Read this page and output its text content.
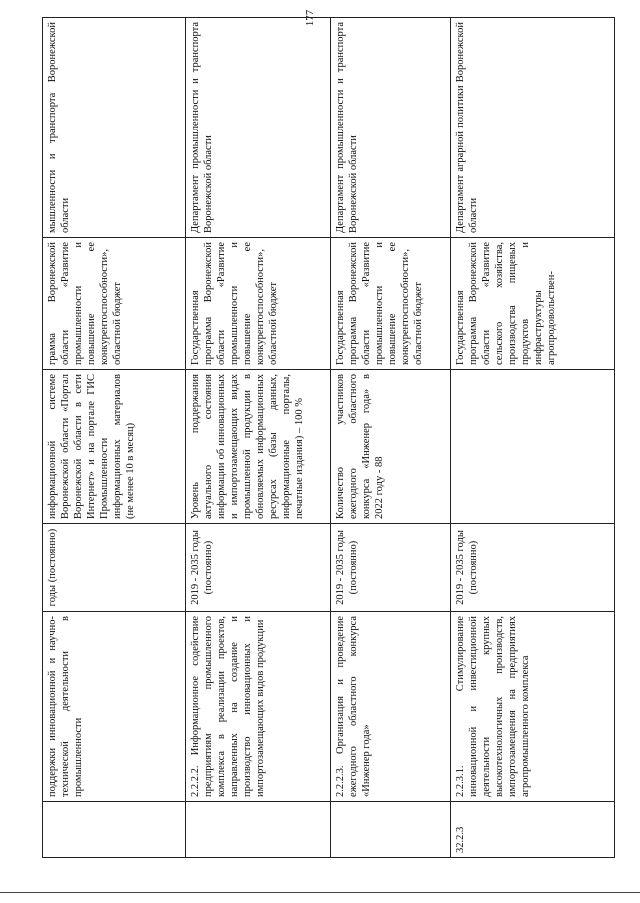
177
	поддержки инновационной и научно-технической деятельности в промышленности	годы (постоянно)	информационной системе Воронежской области «Портал Воронежской области в сети Интернет» и на портале ГИС Промышленности информационных материалов (не менее 10 в месяц)	грамма Воронежской области «Развитие промышленности и повышение ее конкурентоспособности», областной бюджет	мышленности и транспорта Воронежской области
	2.2.2.2. Информационное содействие предприятиям промышленного комплекса в реализации проектов, направленных на создание и производство инновационных и импортозамещающих видов продукции	2019 - 2035 годы (постоянно)	Уровень поддержания актуального состояния информации об инновационных и импортозамещающих видах промышленной продукции в обновляемых информационных ресурсах (базы данных, информационные порталы, печатные издания) – 100 %	Государственная программа Воронежской области «Развитие промышленности и повышение ее конкурентоспособности», областной бюджет	Департамент промышленности и транспорта Воронежской области
	2.2.2.3. Организация и проведение ежегодного областного конкурса «Инженер года»	2019 - 2035 годы (постоянно)	Количество участников ежегодного областного конкурса «Инженер года» в 2022 году - 88	Государственная программа Воронежской области «Развитие промышленности и повышение ее конкурентоспособности», областной бюджет	Департамент промышленности и транспорта Воронежской области
32.2.3	2.2.3.1. Стимулирование инновационной и инвестиционной деятельности крупных высокотехнологичных производств, импортозамещения на предприятиях агропромышленного комплекса	2019 - 2035 годы (постоянно)		Государственная программа Воронежской области «Развитие сельского хозяйства, производства пищевых продуктов и инфраструктуры агропродовольствен-	Департамент аграрной политики Воронежской области
